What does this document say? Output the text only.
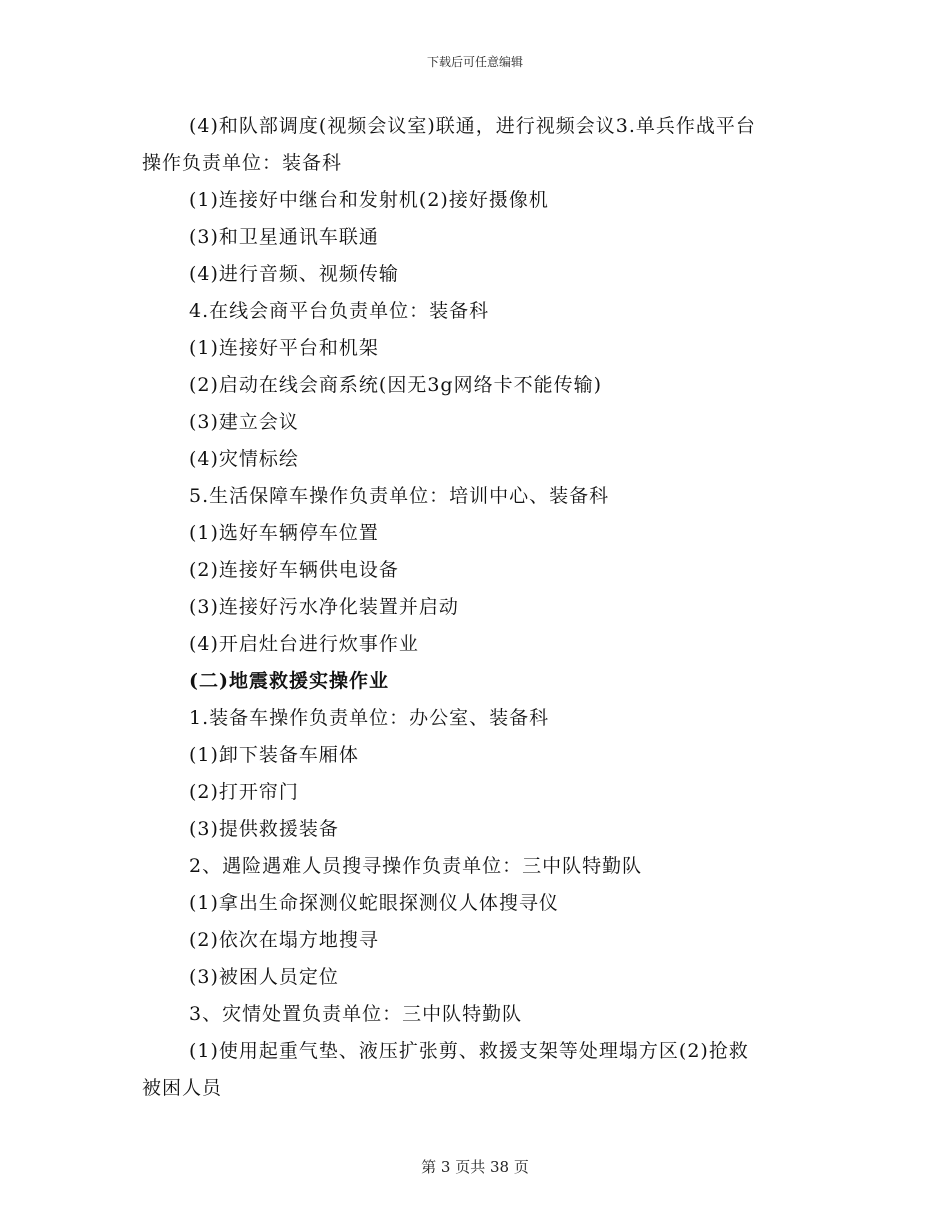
下载后可任意编辑
(4)和队部调度(视频会议室)联通，进行视频会议3.单兵作战平台
操作负责单位：装备科
(1)连接好中继台和发射机(2)接好摄像机
(3)和卫星通讯车联通
(4)进行音频、视频传输
4.在线会商平台负责单位：装备科
(1)连接好平台和机架
(2)启动在线会商系统(因无3g网络卡不能传输)
(3)建立会议
(4)灾情标绘
5.生活保障车操作负责单位：培训中心、装备科
(1)选好车辆停车位置
(2)连接好车辆供电设备
(3)连接好污水净化装置并启动
(4)开启灶台进行炊事作业
(二)地震救援实操作业
1.装备车操作负责单位：办公室、装备科
(1)卸下装备车厢体
(2)打开帘门
(3)提供救援装备
2、遇险遇难人员搜寻操作负责单位：三中队特勤队
(1)拿出生命探测仪蛇眼探测仪人体搜寻仪
(2)依次在塌方地搜寻
(3)被困人员定位
3、灾情处置负责单位：三中队特勤队
(1)使用起重气垫、液压扩张剪、救援支架等处理塌方区(2)抢救
被困人员
第 3 页共 38 页
